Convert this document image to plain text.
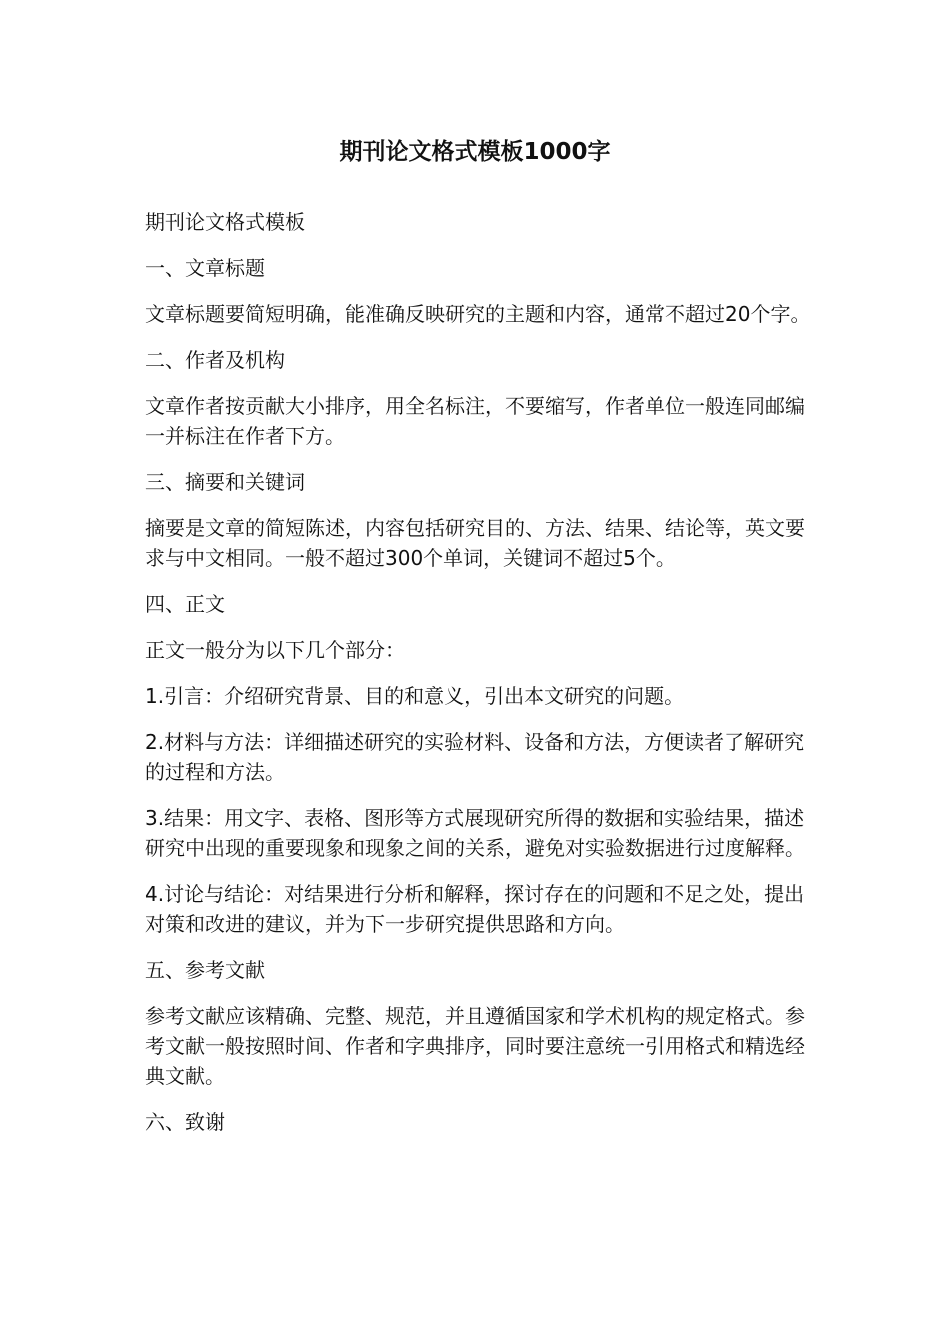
期刊论文格式模板1000字

期刊论文格式模板

一、文章标题

文章标题要简短明确，能准确反映研究的主题和内容，通常不超过20个字。

二、作者及机构

文章作者按贡献大小排序，用全名标注，不要缩写，作者单位一般连同邮编一并标注在作者下方。

三、摘要和关键词

摘要是文章的简短陈述，内容包括研究目的、方法、结果、结论等，英文要求与中文相同。一般不超过300个单词，关键词不超过5个。

四、正文

正文一般分为以下几个部分：

1.引言：介绍研究背景、目的和意义，引出本文研究的问题。

2.材料与方法：详细描述研究的实验材料、设备和方法，方便读者了解研究的过程和方法。

3.结果：用文字、表格、图形等方式展现研究所得的数据和实验结果，描述研究中出现的重要现象和现象之间的关系，避免对实验数据进行过度解释。

4.讨论与结论：对结果进行分析和解释，探讨存在的问题和不足之处，提出对策和改进的建议，并为下一步研究提供思路和方向。

五、参考文献

参考文献应该精确、完整、规范，并且遵循国家和学术机构的规定格式。参考文献一般按照时间、作者和字典排序，同时要注意统一引用格式和精选经典文献。

六、致谢
